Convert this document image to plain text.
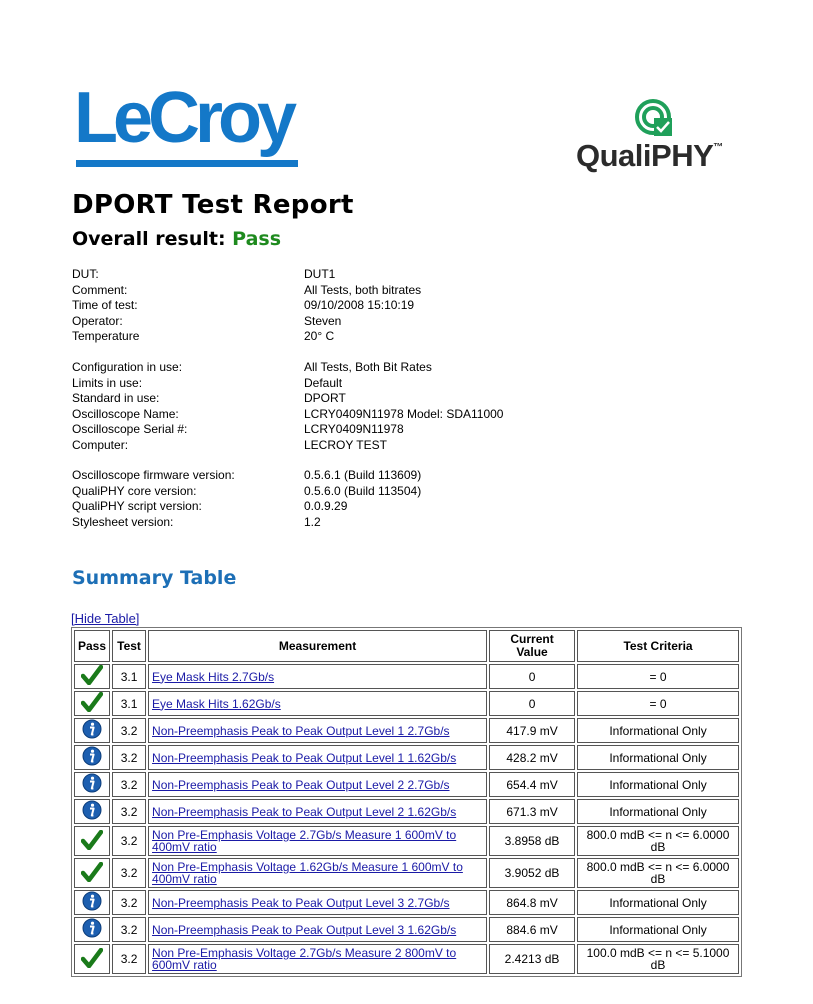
LeCroy	QualiPHY™
DPORT Test Report
Overall result: Pass
DUT:	DUT1
Comment:	All Tests, both bitrates
Time of test:	09/10/2008 15:10:19
Operator:	Steven
Temperature	20° C
Configuration in use:	All Tests, Both Bit Rates
Limits in use:	Default
Standard in use:	DPORT
Oscilloscope Name:	LCRY0409N11978 Model: SDA11000
Oscilloscope Serial #:	LCRY0409N11978
Computer:	LECROY TEST
Oscilloscope firmware version:	0.5.6.1 (Build 113609)
QualiPHY core version:	0.5.6.0 (Build 113504)
QualiPHY script version:	0.0.9.29
Stylesheet version:	1.2
Summary Table
[Hide Table]
Pass	Test	Measurement	Current Value	Test Criteria
	3.1	Eye Mask Hits 2.7Gb/s	0	= 0
	3.1	Eye Mask Hits 1.62Gb/s	0	= 0
	3.2	Non-Preemphasis Peak to Peak Output Level 1 2.7Gb/s	417.9 mV	Informational Only
	3.2	Non-Preemphasis Peak to Peak Output Level 1 1.62Gb/s	428.2 mV	Informational Only
	3.2	Non-Preemphasis Peak to Peak Output Level 2 2.7Gb/s	654.4 mV	Informational Only
	3.2	Non-Preemphasis Peak to Peak Output Level 2 1.62Gb/s	671.3 mV	Informational Only
	3.2	Non Pre-Emphasis Voltage 2.7Gb/s Measure 1 600mV to 400mV ratio	3.8958 dB	800.0 mdB <= n <= 6.0000 dB
	3.2	Non Pre-Emphasis Voltage 1.62Gb/s Measure 1 600mV to 400mV ratio	3.9052 dB	800.0 mdB <= n <= 6.0000 dB
	3.2	Non-Preemphasis Peak to Peak Output Level 3 2.7Gb/s	864.8 mV	Informational Only
	3.2	Non-Preemphasis Peak to Peak Output Level 3 1.62Gb/s	884.6 mV	Informational Only
	3.2	Non Pre-Emphasis Voltage 2.7Gb/s Measure 2 800mV to 600mV ratio	2.4213 dB	100.0 mdB <= n <= 5.1000 dB
